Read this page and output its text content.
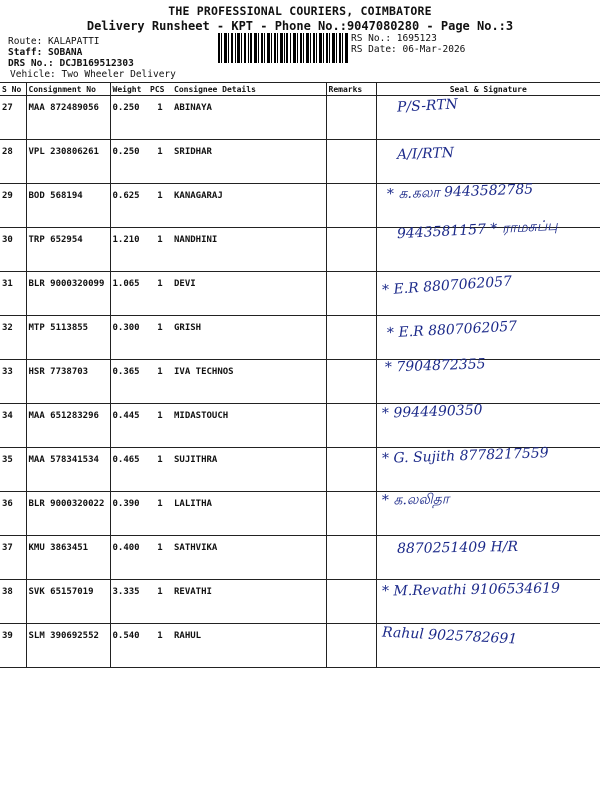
THE PROFESSIONAL COURIERS, COIMBATORE
Delivery Runsheet - KPT - Phone No.:9047080280 - Page No.:3
Route: KALAPATTI
Staff: SOBANA
DRS No.: DCJB169512303
Vehicle: Two Wheeler Delivery
RS No.: 1695123
RS Date: 06-Mar-2026
S No	Consignment No	Weight	PCS	Consignee Details	Remarks	Seal & Signature
27	MAA 872489056	0.250	1	ABINAYA		P/S-RTN

28	VPL 230806261	0.250	1	SRIDHAR		A/I/RTN

29	BOD 568194	0.625	1	KANAGARAJ		* க.கலா 9443582785

30	TRP 652954	1.210	1	NANDHINI		9443581157 * ராமசுப்பு

31	BLR 9000320099	1.065	1	DEVI		* E.R 8807062057

32	MTP 5113855	0.300	1	GRISH		* E.R 8807062057

33	HSR 7738703	0.365	1	IVA TECHNOS		* 7904872355

34	MAA 651283296	0.445	1	MIDASTOUCH		* 9944490350

35	MAA 578341534	0.465	1	SUJITHRA		* G. Sujith 8778217559

36	BLR 9000320022	0.390	1	LALITHA		* க.லலிதா

37	KMU 3863451	0.400	1	SATHVIKA		8870251409 H/R

38	SVK 65157019	3.335	1	REVATHI		* M.Revathi 9106534619

39	SLM 390692552	0.540	1	RAHUL		Rahul 9025782691
